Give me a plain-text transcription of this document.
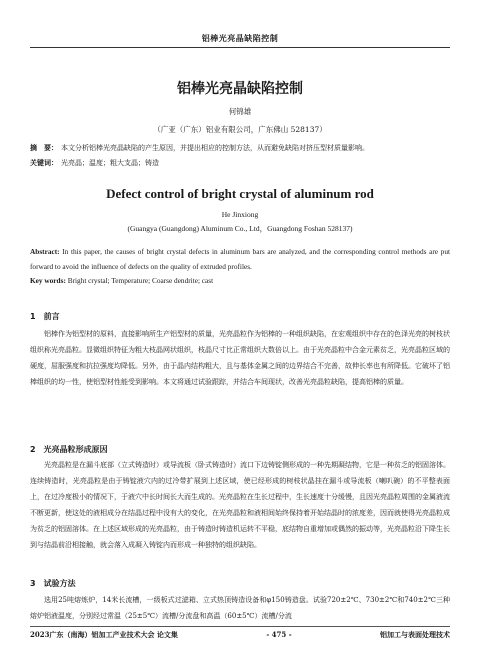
铝棒光亮晶缺陷控制
铝棒光亮晶缺陷控制
何锦雄
（广亚（广东）铝业有限公司，广东佛山 528137）
摘　要： 本文分析铝棒光亮晶缺陷的产生原因，并提出相应的控制方法，从而避免缺陷对挤压型材质量影响。
关键词： 光亮晶；温度；粗大支晶；铸造
Defect control of bright crystal of aluminum rod
He Jinxiong
(Guangya (Guangdong) Aluminum Co., Ltd，Guangdong Foshan 528137)
Abstract: In this paper, the causes of bright crystal defects in aluminum bars are analyzed, and the corresponding control methods are put forward to avoid the influence of defects on the quality of extruded profiles.
Key words: Bright crystal; Temperature; Coarse dendrite; cast
1　前言
铝棒作为铝型材的原料，直接影响所生产铝型材的质量，光亮晶粒作为铝棒的一种组织缺陷，在宏观组织中存在的色泽光亮的树枝状组织称光亮晶粒。显微组织特征为粗大枝晶网状组织，枝晶尺寸比正常组织大数倍以上。由于光亮晶粒中合金元素贫乏，光亮晶粒区域的硬度，屈服强度和抗拉强度均降低。另外，由于晶内结构粗大，且与基体金属之间的边界结合不完善，故伸长率也有所降低。它破坏了铝棒组织的均一性，使铝型材性能受到影响。本文将通过试验跟踪，并结合车间现状，改善光亮晶粒缺陷，提高铝棒的质量。
2　光亮晶粒形成原因
光亮晶粒是在漏斗底部（立式铸造时）或导流板（卧式铸造时）流口下边铸锭侧形成的一种先期凝结物，它是一种贫乏的铝固溶体。连续铸造时，光亮晶粒是由于铸锭液穴内的过冷带扩展到上述区域，使已经形成的树枝状晶挂在漏斗或导流板（喇叭碗）的不平整表面上，在过冷度极小的情况下，于液穴中长时间长大而生成的。光亮晶粒在生长过程中，生长速度十分缓慢，且因光亮晶粒周围的金属液流不断更新，使这处的液相成分在结晶过程中没有大的变化，在光亮晶粒和液相间始终保持着开始结晶时的浓度差，因而就使得光亮晶粒成为贫乏的铝固溶体。在上述区域形成的光亮晶粒，由于铸造时铸造机运转不平稳，底结物自重增加或偶然的振动等，光亮晶粒沿下降生长到与结晶前沿相接触，就会落入成凝入铸锭内而形成一种独特的组织缺陷。
3　试验方法
选用25吨熔炼炉，14米长流槽，一级板式过滤箱、立式热顶铸造设备和φ150铸造盘。试验720±2℃、730±2℃和740±2℃三种熔炉铝液温度，分别经过常温（25±5℃）流槽/分流盘和高温（60±5℃）流槽/分流
2023广东（南海）铝加工产业技术大会 论文集	- 475 -	铝加工与表面处理技术
